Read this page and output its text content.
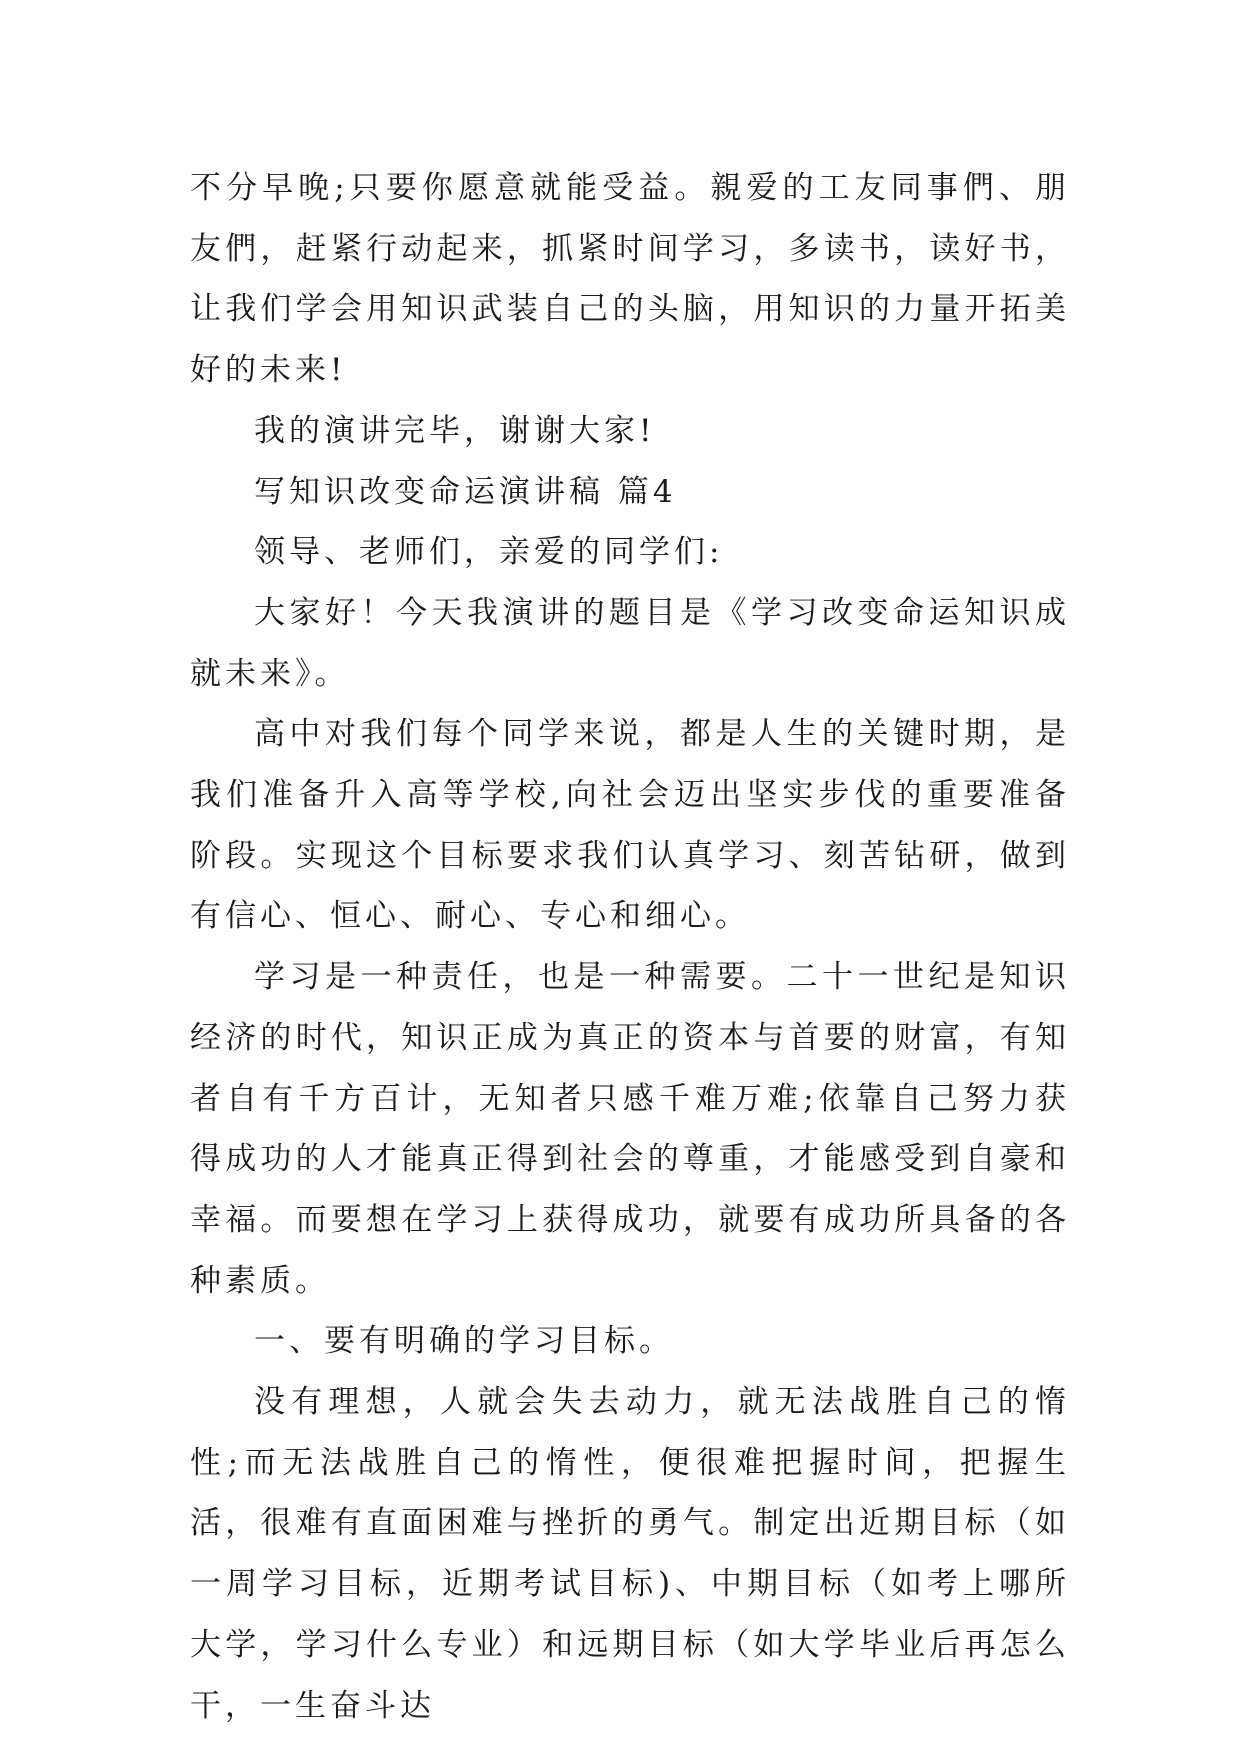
不分早晚;只要你愿意就能受益。親爱的工友同事們、朋友們，赶紧行动起来，抓紧时间学习，多读书，读好书，让我们学会用知识武装自己的头脑，用知识的力量开拓美好的未来!

我的演讲完毕，谢谢大家!

写知识改变命运演讲稿 篇4

领导、老师们，亲爱的同学们:

大家好！今天我演讲的题目是《学习改变命运知识成就未来》。

高中对我们每个同学来说，都是人生的关键时期，是我们准备升入高等学校,向社会迈出坚实步伐的重要准备阶段。实现这个目标要求我们认真学习、刻苦钻研，做到有信心、恒心、耐心、专心和细心。

学习是一种责任，也是一种需要。二十一世纪是知识经济的时代，知识正成为真正的资本与首要的财富，有知者自有千方百计，无知者只感千难万难;依靠自己努力获得成功的人才能真正得到社会的尊重，才能感受到自豪和幸福。而要想在学习上获得成功，就要有成功所具备的各种素质。

一、要有明确的学习目标。

没有理想，人就会失去动力，就无法战胜自己的惰性;而无法战胜自己的惰性，便很难把握时间，把握生活，很难有直面困难与挫折的勇气。制定出近期目标（如一周学习目标，近期考试目标)、中期目标（如考上哪所大学，学习什么专业）和远期目标（如大学毕业后再怎么干，一生奋斗达
